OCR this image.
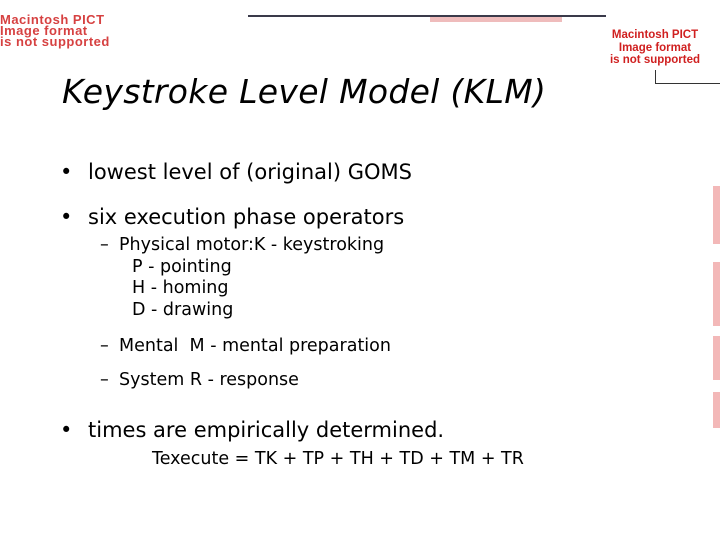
Macintosh PICT
Image format
is not supported	Macintosh PICT
Image format
is not supported
Keystroke Level Model (KLM)
• lowest level of (original) GOMS
• six execution phase operators
– Physical motor:K - keystroking
P - pointing
H - homing
D - drawing
– Mental M - mental preparation
– System R - response
• times are empirically determined.
Texecute = TK + TP + TH + TD + TM + TR
